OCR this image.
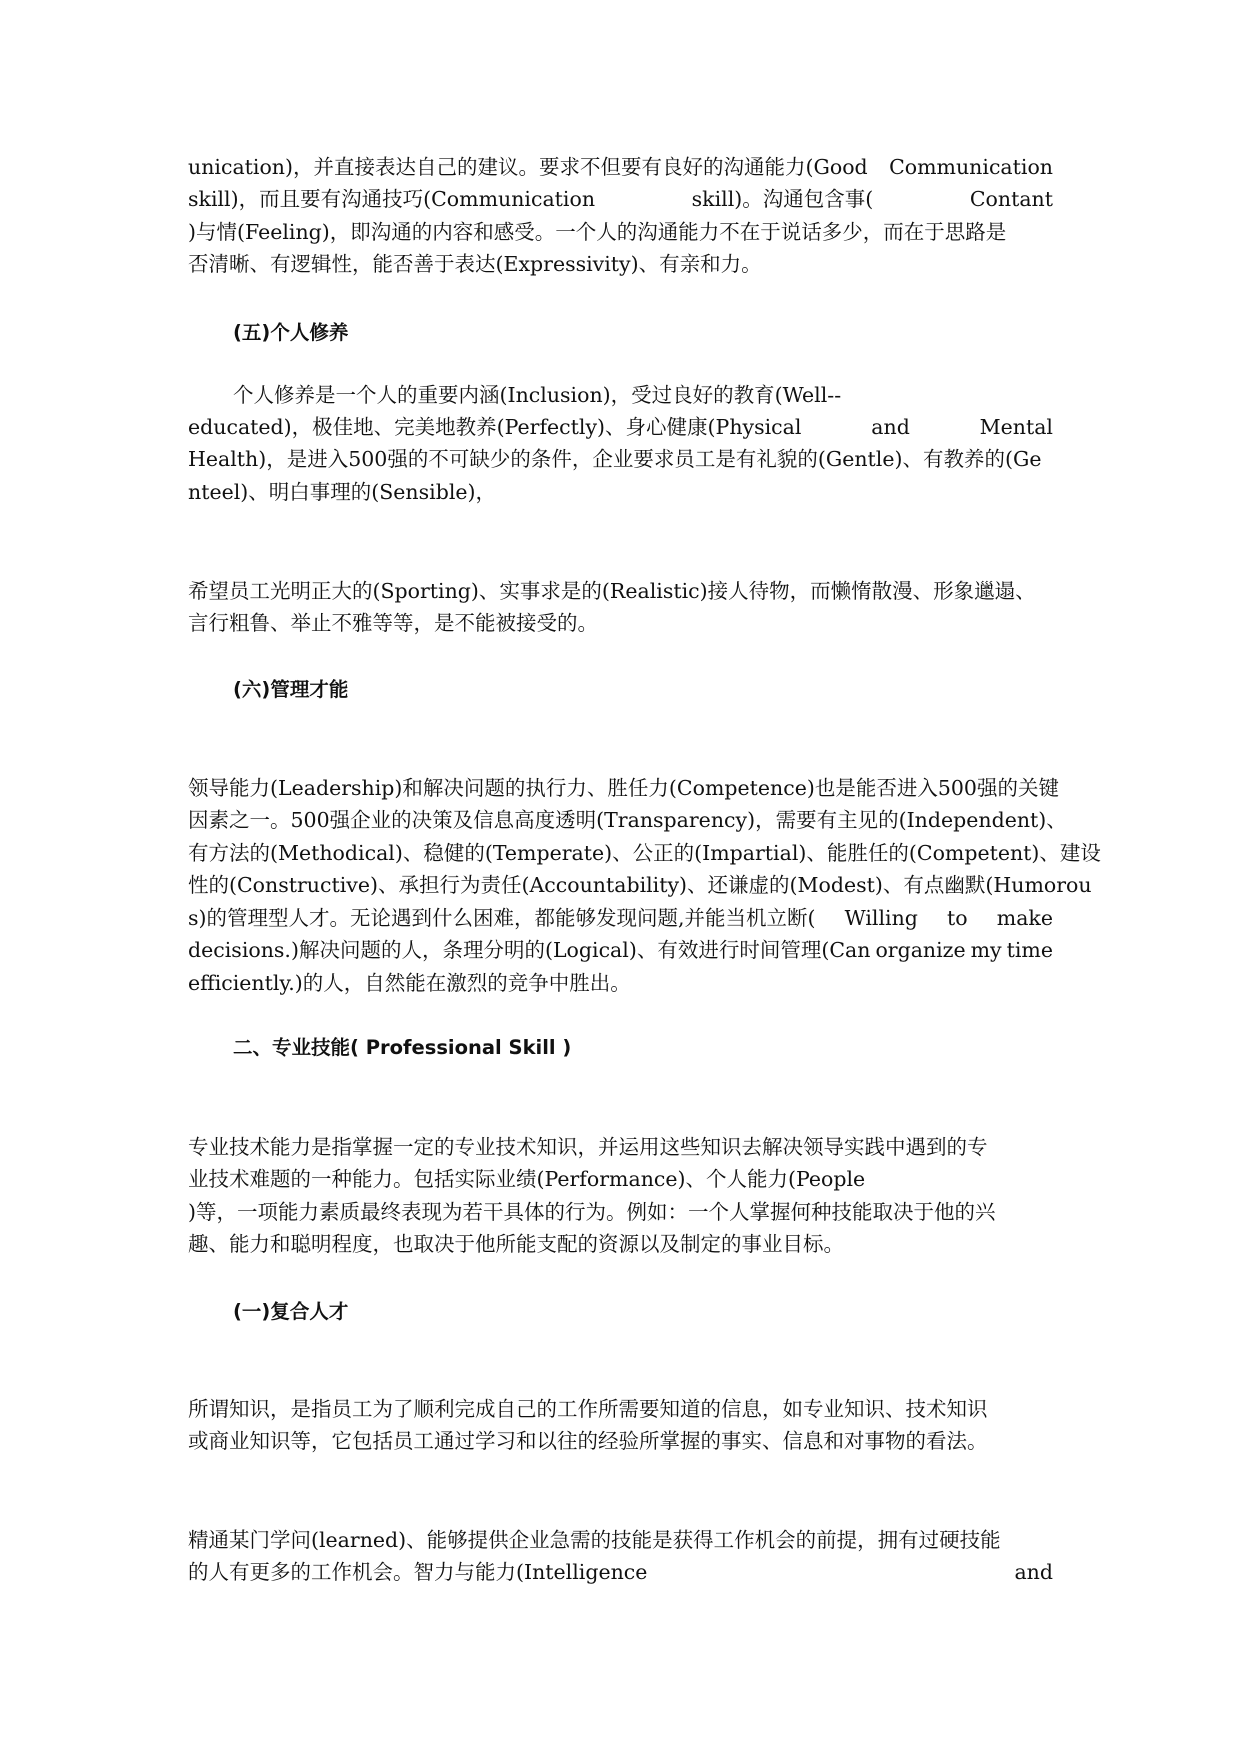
unication)，并直接表达自己的建议。要求不但要有良好的沟通能力(Good Communication
skill)，而且要有沟通技巧(Communication	skill)。沟通包含事(	Contant
)与情(Feeling)，即沟通的内容和感受。一个人的沟通能力不在于说话多少，而在于思路是
否清晰、有逻辑性，能否善于表达(Expressivity)、有亲和力。
(五)个人修养
个人修养是一个人的重要内涵(Inclusion)，受过良好的教育(Well--
educated)，极佳地、完美地教养(Perfectly)、身心健康(Physical	and	Mental
Health)，是进入500强的不可缺少的条件，企业要求员工是有礼貌的(Gentle)、有教养的(Ge
nteel)、明白事理的(Sensible)，
希望员工光明正大的(Sporting)、实事求是的(Realistic)接人待物，而懒惰散漫、形象邋遢、
言行粗鲁、举止不雅等等，是不能被接受的。
(六)管理才能
领导能力(Leadership)和解决问题的执行力、胜任力(Competence)也是能否进入500强的关键
因素之一。500强企业的决策及信息高度透明(Transparency)，需要有主见的(Independent)、
有方法的(Methodical)、稳健的(Temperate)、公正的(Impartial)、能胜任的(Competent)、建设
性的(Constructive)、承担行为责任(Accountability)、还谦虚的(Modest)、有点幽默(Humorou
s)的管理型人才。无论遇到什么困难，都能够发现问题,并能当机立断( Willing to make
decisions.)解决问题的人，条理分明的(Logical)、有效进行时间管理(Can organize my time
efficiently.)的人，自然能在激烈的竞争中胜出。
二、专业技能( Professional Skill )
专业技术能力是指掌握一定的专业技术知识，并运用这些知识去解决领导实践中遇到的专
业技术难题的一种能力。包括实际业绩(Performance)、个人能力(People
)等，一项能力素质最终表现为若干具体的行为。例如：一个人掌握何种技能取决于他的兴
趣、能力和聪明程度，也取决于他所能支配的资源以及制定的事业目标。
(一)复合人才
所谓知识，是指员工为了顺利完成自己的工作所需要知道的信息，如专业知识、技术知识
或商业知识等，它包括员工通过学习和以往的经验所掌握的事实、信息和对事物的看法。
精通某门学问(learned)、能够提供企业急需的技能是获得工作机会的前提，拥有过硬技能
的人有更多的工作机会。智力与能力(Intelligence	and
